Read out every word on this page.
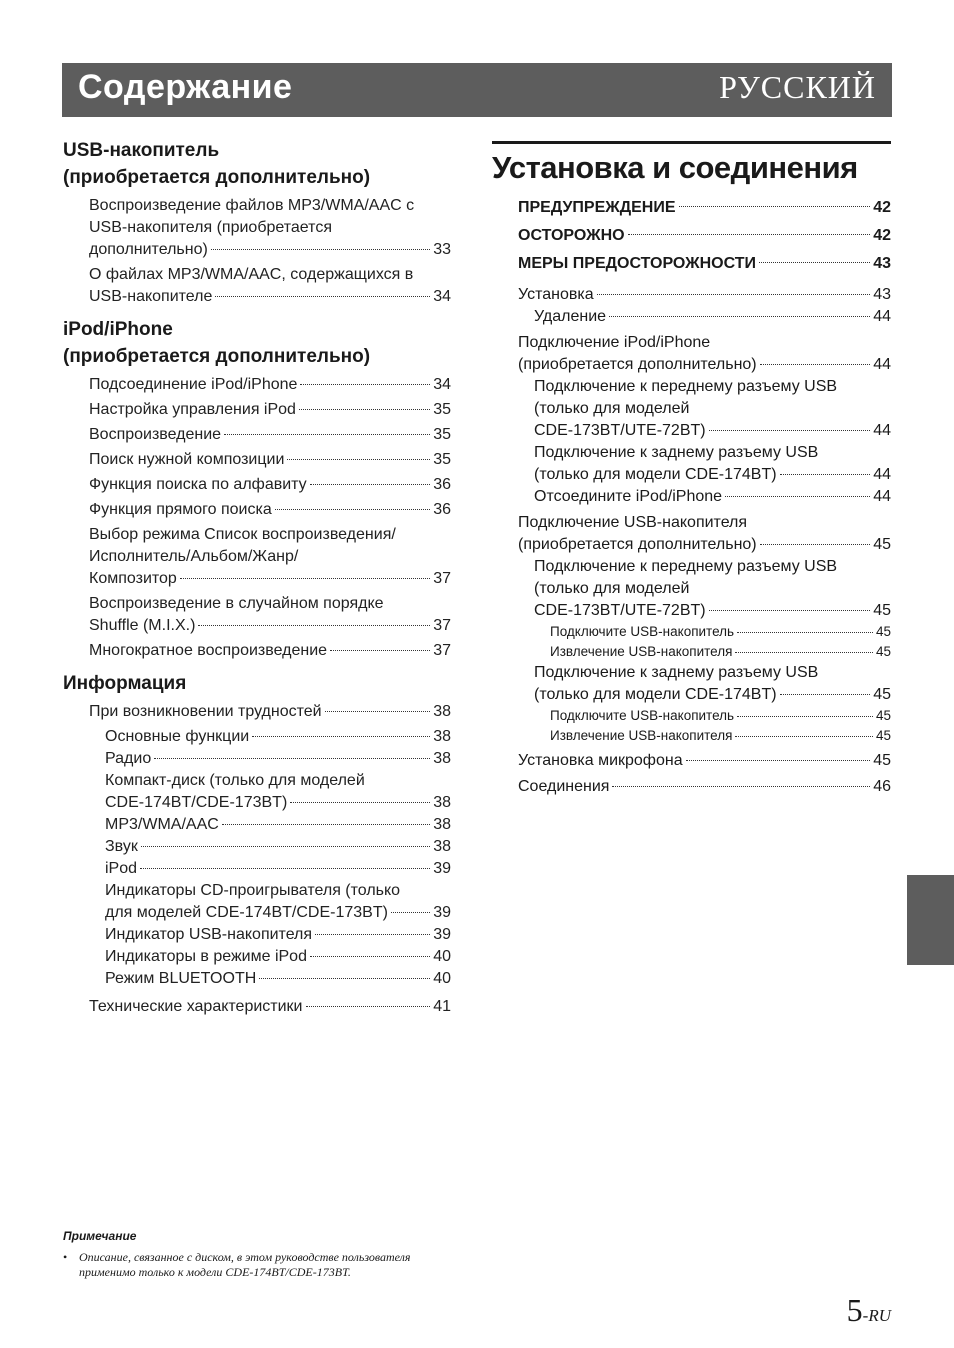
Содержание	РУССКИЙ
USB-накопитель
(приобретается дополнительно)
Воспроизведение файлов MP3/WMA/AAC с
USB-накопителя (приобретается
дополнительно)	33
О файлах MP3/WMA/AAC, содержащихся в
USB-накопителе	34
iPod/iPhone
(приобретается дополнительно)
Подсоединение iPod/iPhone	34
Настройка управления iPod	35
Воспроизведение	35
Поиск нужной композиции	35
Функция поиска по алфавиту	36
Функция прямого поиска	36
Выбор режима Список воспроизведения/
Исполнитель/Альбом/Жанр/
Композитор	37
Воспроизведение в случайном порядке
Shuffle (M.I.X.)	37
Многократное воспроизведение	37
Информация
При возникновении трудностей	38
Основные функции	38
Радио	38
Компакт-диск (только для моделей
CDE-174BT/CDE-173BT)	38
MP3/WMA/AAC	38
Звук	38
iPod	39
Индикаторы CD-проигрывателя (только
для моделей CDE-174BT/CDE-173BT)	39
Индикатор USB-накопителя	39
Индикаторы в режиме iPod	40
Режим BLUETOOTH	40
Технические характеристики	41
Установка и соединения
ПРЕДУПРЕЖДЕНИЕ	42
ОСТОРОЖНО	42
МЕРЫ ПРЕДОСТОРОЖНОСТИ	43
Установка	43
Удаление	44
Подключение iPod/iPhone
(приобретается дополнительно)	44
Подключение к переднему разъему USB
(только для моделей
CDE-173BT/UTE-72BT)	44
Подключение к заднему разъему USB
(только для модели CDE-174BT)	44
Отсоедините iPod/iPhone	44
Подключение USB-накопителя
(приобретается дополнительно)	45
Подключение к переднему разъему USB
(только для моделей
CDE-173BT/UTE-72BT)	45
Подключите USB-накопитель	45
Извлечение USB-накопителя	45
Подключение к заднему разъему USB
(только для модели CDE-174BT)	45
Подключите USB-накопитель	45
Извлечение USB-накопителя	45
Установка микрофона	45
Соединения	46
Примечание
• Описание, связанное с диском, в этом руководстве пользователя
применимо только к модели CDE-174BT/CDE-173BT.
5-RU
